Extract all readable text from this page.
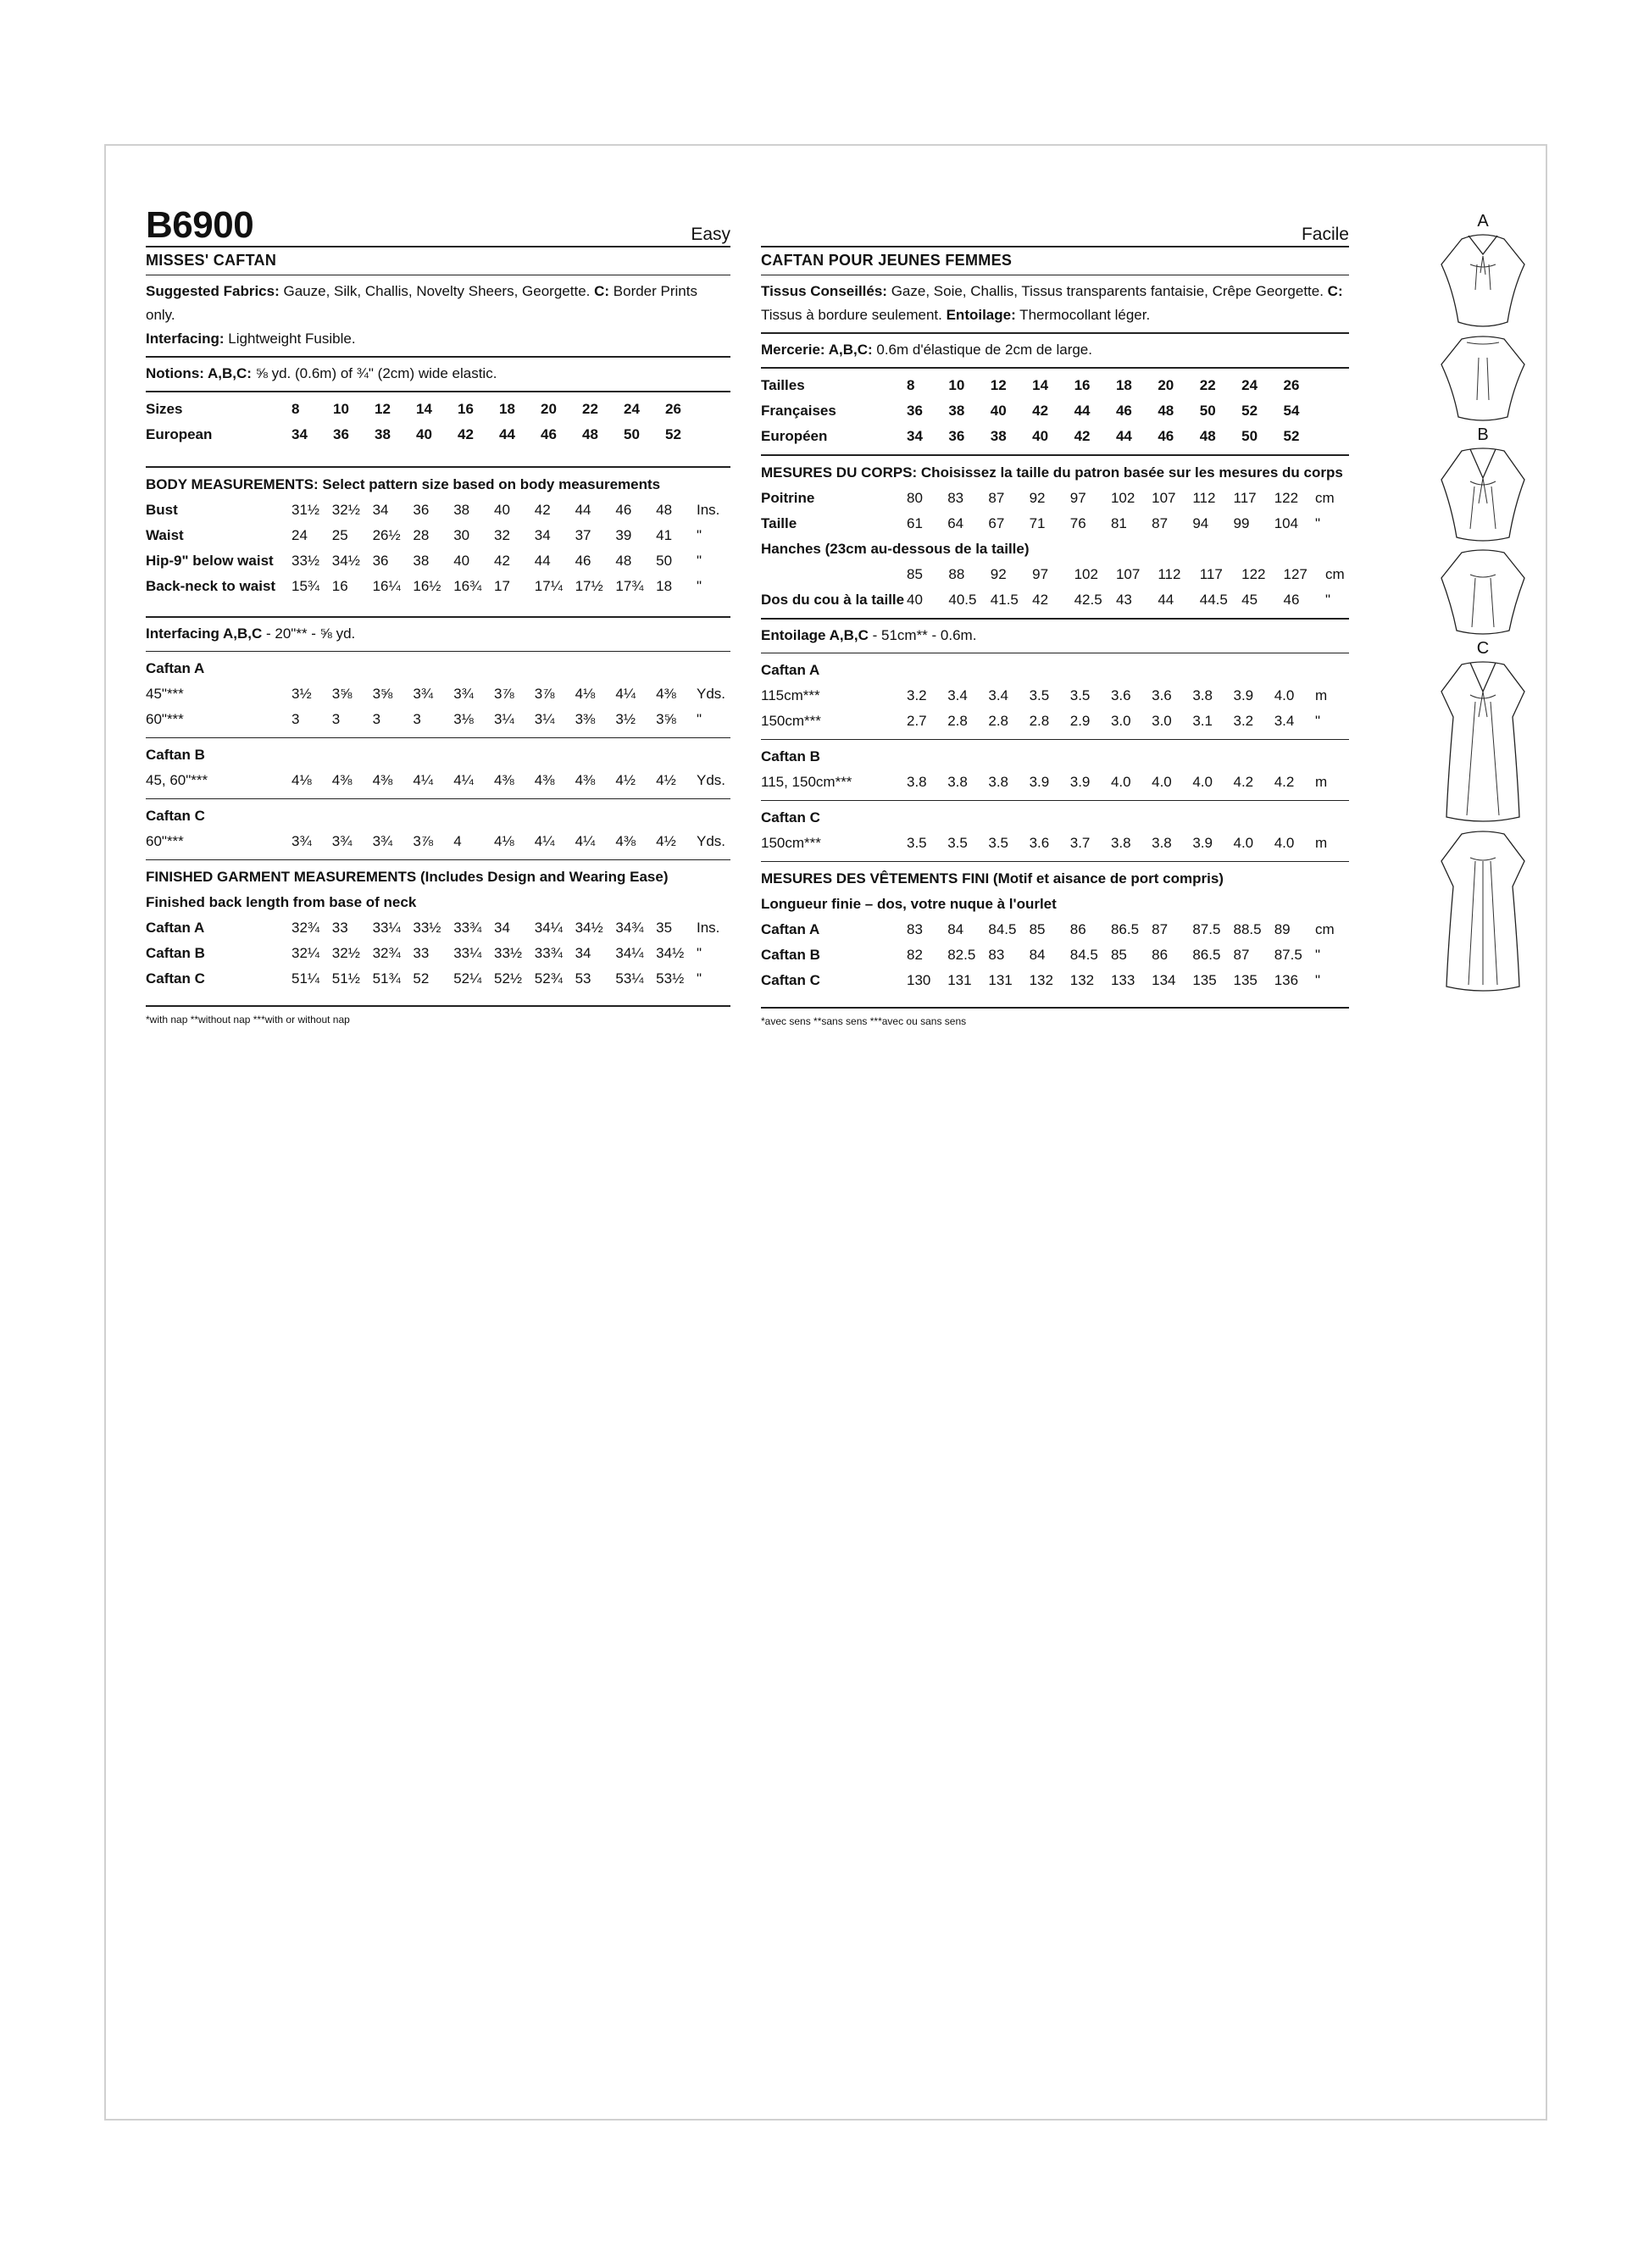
B6900	Easy
MISSES' CAFTAN
Suggested Fabrics: Gauze, Silk, Challis, Novelty Sheers, Georgette. C: Border Prints only.
Interfacing: Lightweight Fusible.
Notions: A,B,C: ⅝ yd. (0.6m) of ¾" (2cm) wide elastic.
Sizes	8	10	12	14	16	18	20	22	24	26	
European	34	36	38	40	42	44	46	48	50	52	
BODY MEASUREMENTS: Select pattern size based on body measurements
Bust	31½	32½	34	36	38	40	42	44	46	48	Ins.
Waist	24	25	26½	28	30	32	34	37	39	41	"
Hip-9" below waist	33½	34½	36	38	40	42	44	46	48	50	"
Back-neck to waist	15¾	16	16¼	16½	16¾	17	17¼	17½	17¾	18	"
Interfacing A,B,C - 20"** - ⅝ yd.
Caftan A
45"***	3½	3⅝	3⅝	3¾	3¾	3⅞	3⅞	4⅛	4¼	4⅜	Yds.
60"***	3	3	3	3	3⅛	3¼	3¼	3⅜	3½	3⅝	"
Caftan B
45, 60"***	4⅛	4⅜	4⅜	4¼	4¼	4⅜	4⅜	4⅜	4½	4½	Yds.
Caftan C
60"***	3¾	3¾	3¾	3⅞	4	4⅛	4¼	4¼	4⅜	4½	Yds.
FINISHED GARMENT MEASUREMENTS (Includes Design and Wearing Ease)
Finished back length from base of neck
Caftan A	32¾	33	33¼	33½	33¾	34	34¼	34½	34¾	35	Ins.
Caftan B	32¼	32½	32¾	33	33¼	33½	33¾	34	34¼	34½	"
Caftan C	51¼	51½	51¾	52	52¼	52½	52¾	53	53¼	53½	"
*with nap **without nap ***with or without nap
Facile
CAFTAN POUR JEUNES FEMMES
Tissus Conseillés: Gaze, Soie, Challis, Tissus transparents fantaisie, Crêpe Georgette. C: Tissus à bordure seulement. Entoilage: Thermocollant léger.
Mercerie: A,B,C: 0.6m d'élastique de 2cm de large.
Tailles	8	10	12	14	16	18	20	22	24	26	
Françaises	36	38	40	42	44	46	48	50	52	54	
Européen	34	36	38	40	42	44	46	48	50	52	
MESURES DU CORPS: Choisissez la taille du patron basée sur les mesures du corps
Poitrine	80	83	87	92	97	102	107	112	117	122	cm
Taille	61	64	67	71	76	81	87	94	99	104	"
Hanches (23cm au-dessous de la taille)
	85	88	92	97	102	107	112	117	122	127	cm
Dos du cou à la taille	40	40.5	41.5	42	42.5	43	44	44.5	45	46	"
Entoilage A,B,C - 51cm** - 0.6m.
Caftan A
115cm***	3.2	3.4	3.4	3.5	3.5	3.6	3.6	3.8	3.9	4.0	m
150cm***	2.7	2.8	2.8	2.8	2.9	3.0	3.0	3.1	3.2	3.4	"
Caftan B
115, 150cm***	3.8	3.8	3.8	3.9	3.9	4.0	4.0	4.0	4.2	4.2	m
Caftan C
150cm***	3.5	3.5	3.5	3.6	3.7	3.8	3.8	3.9	4.0	4.0	m
MESURES DES VÊTEMENTS FINI (Motif et aisance de port compris)
Longueur finie – dos, votre nuque à l'ourlet
Caftan A	83	84	84.5	85	86	86.5	87	87.5	88.5	89	cm
Caftan B	82	82.5	83	84	84.5	85	86	86.5	87	87.5	"
Caftan C	130	131	131	132	132	133	134	135	135	136	"
*avec sens **sans sens ***avec ou sans sens
A
B
C
